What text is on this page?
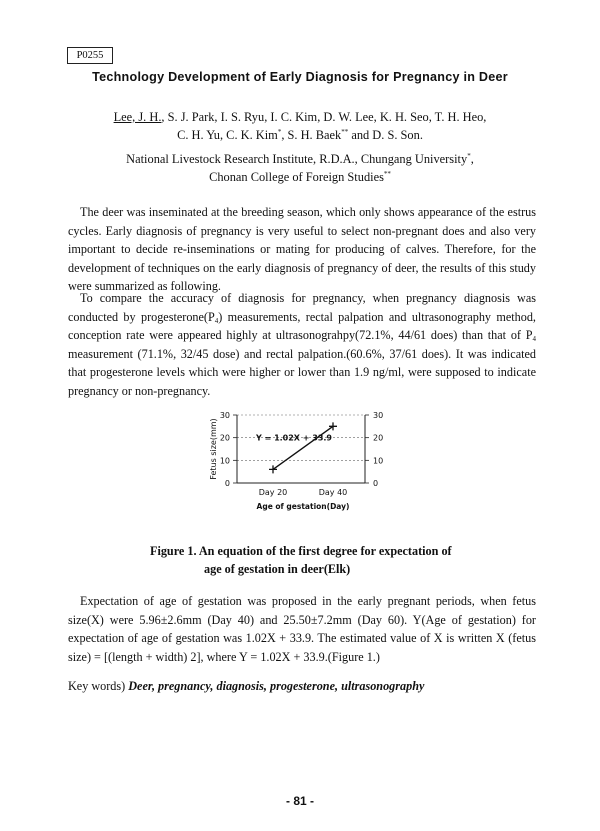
P0255
Technology Development of Early Diagnosis for Pregnancy in Deer
Lee, J. H., S. J. Park, I. S. Ryu, I. C. Kim, D. W. Lee, K. H. Seo, T. H. Heo,
C. H. Yu, C. K. Kim*, S. H. Baek** and D. S. Son.
National Livestock Research Institute, R.D.A., Chungang University*,
Chonan College of Foreign Studies**

The deer was inseminated at the breeding season, which only shows appearance of the estrus cycles. Early diagnosis of pregnancy is very useful to select non-pregnant does and also very important to decide re-inseminations or mating for producing of calves. Therefore, for the development of techniques on the early diagnosis of pregnancy of deer, the results of this study were summarized as following.

To compare the accuracy of diagnosis for pregnancy, when pregnancy diagnosis was conducted by $progesterone(P_4)$ measurements, rectal palpation and ultrasonography method, conception rate were appeared highly at ultrasonograhpy(72.1%, 44/61 does) than that of $P_4$ measurement (71.1%, 32/45 dose) and rectal palpation.(60.6%, 37/61 does). It was indicated that progesterone levels which were higher or lower than 1.9 ng/ml, were supposed to indicate pregnancy or non-pregnancy.

0	0
10	10
20	20
30	30
Fetus size(mm)
Day 20	Day 40
Age of gestation(Day)
Y = 1.02X + 33.9
Figure 1. An equation of the first degree for expectation of
age of gestation in deer(Elk)

Expectation of age of gestation was proposed in the early pregnant periods, when fetus size(X) were 5.96±2.6mm (Day 40) and 25.50±7.2mm (Day 60). Y(Age of gestation) for expectation of age of gestation was 1.02X + 33.9. The estimated value of X is written X (fetus size) = [(length + width) 2], where Y = 1.02X + 33.9.(Figure 1.)

Key words) Deer, pregnancy, diagnosis, progesterone, ultrasonography
- 81 -
